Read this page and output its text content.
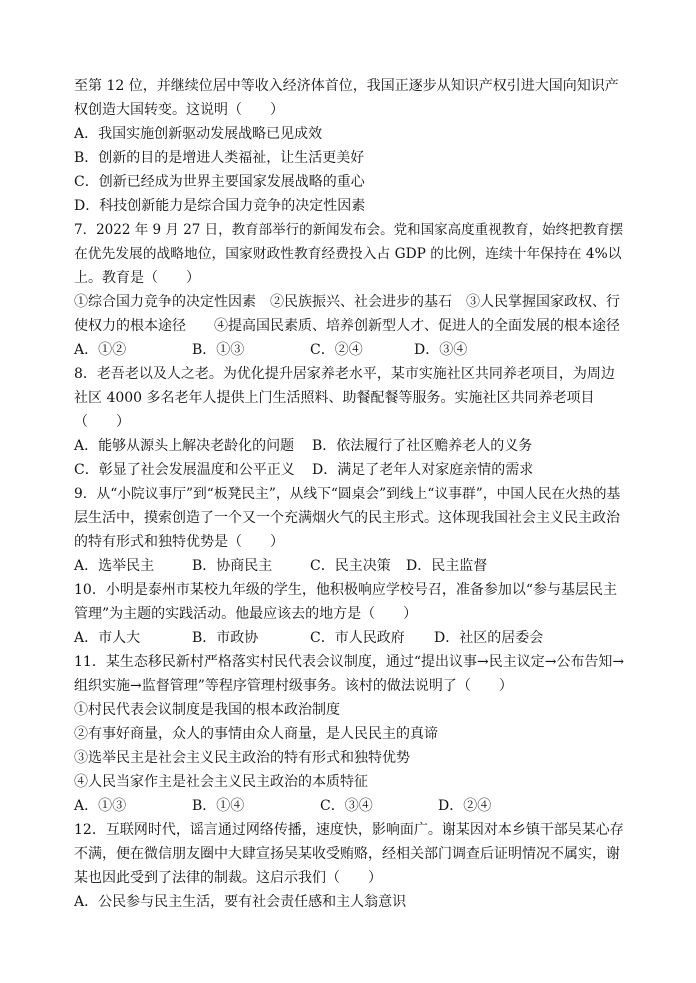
至第 12 位，并继续位居中等收入经济体首位，我国正逐步从知识产权引进大国向知识产
权创造大国转变。这说明（　　）
A．我国实施创新驱动发展战略已见成效
B．创新的目的是增进人类福祉，让生活更美好
C．创新已经成为世界主要国家发展战略的重心
D．科技创新能力是综合国力竞争的决定性因素
7．2022 年 9 月 27 日，教育部举行的新闻发布会。党和国家高度重视教育，始终把教育摆
在优先发展的战略地位，国家财政性教育经费投入占 GDP 的比例，连续十年保持在 4%以
上。教育是（　　）
①综合国力竞争的决定性因素　②民族振兴、社会进步的基石　③人民掌握国家政权、行
使权力的根本途径　　④提高国民素质、培养创新型人才、促进人的全面发展的根本途径
A．①②	B．①③	C．②④	D．③④
8．老吾老以及人之老。为优化提升居家养老水平，某市实施社区共同养老项目，为周边
社区 4000 多名老年人提供上门生活照料、助餐配餐等服务。实施社区共同养老项目
（　　）
A．能够从源头上解决老龄化的问题	B．依法履行了社区赡养老人的义务
C．彰显了社会发展温度和公平正义	D．满足了老年人对家庭亲情的需求
9．从“小院议事厅”到“板凳民主”，从线下“圆桌会”到线上“议事群”，中国人民在火热的基
层生活中，摸索创造了一个又一个充满烟火气的民主形式。这体现我国社会主义民主政治
的特有形式和独特优势是（　　）
A．选举民主	B．协商民主	C．民主决策	D．民主监督
10．小明是泰州市某校九年级的学生，他积极响应学校号召，准备参加以“参与基层民主
管理”为主题的实践活动。他最应该去的地方是（　　）
A．市人大	B．市政协	C．市人民政府	D．社区的居委会
11．某生态移民新村严格落实村民代表会议制度，通过“提出议事→民主议定→公布告知→
组织实施→监督管理”等程序管理村级事务。该村的做法说明了（　　）
①村民代表会议制度是我国的根本政治制度
②有事好商量，众人的事情由众人商量，是人民民主的真谛
③选举民主是社会主义民主政治的特有形式和独特优势
④人民当家作主是社会主义民主政治的本质特征
A．①③	B．①④	C．③④	D．②④
12．互联网时代，谣言通过网络传播，速度快，影响面广。谢某因对本乡镇干部吴某心存
不满，便在微信朋友圈中大肆宣扬吴某收受贿赂，经相关部门调查后证明情况不属实，谢
某也因此受到了法律的制裁。这启示我们（　　）
A．公民参与民主生活，要有社会责任感和主人翁意识
